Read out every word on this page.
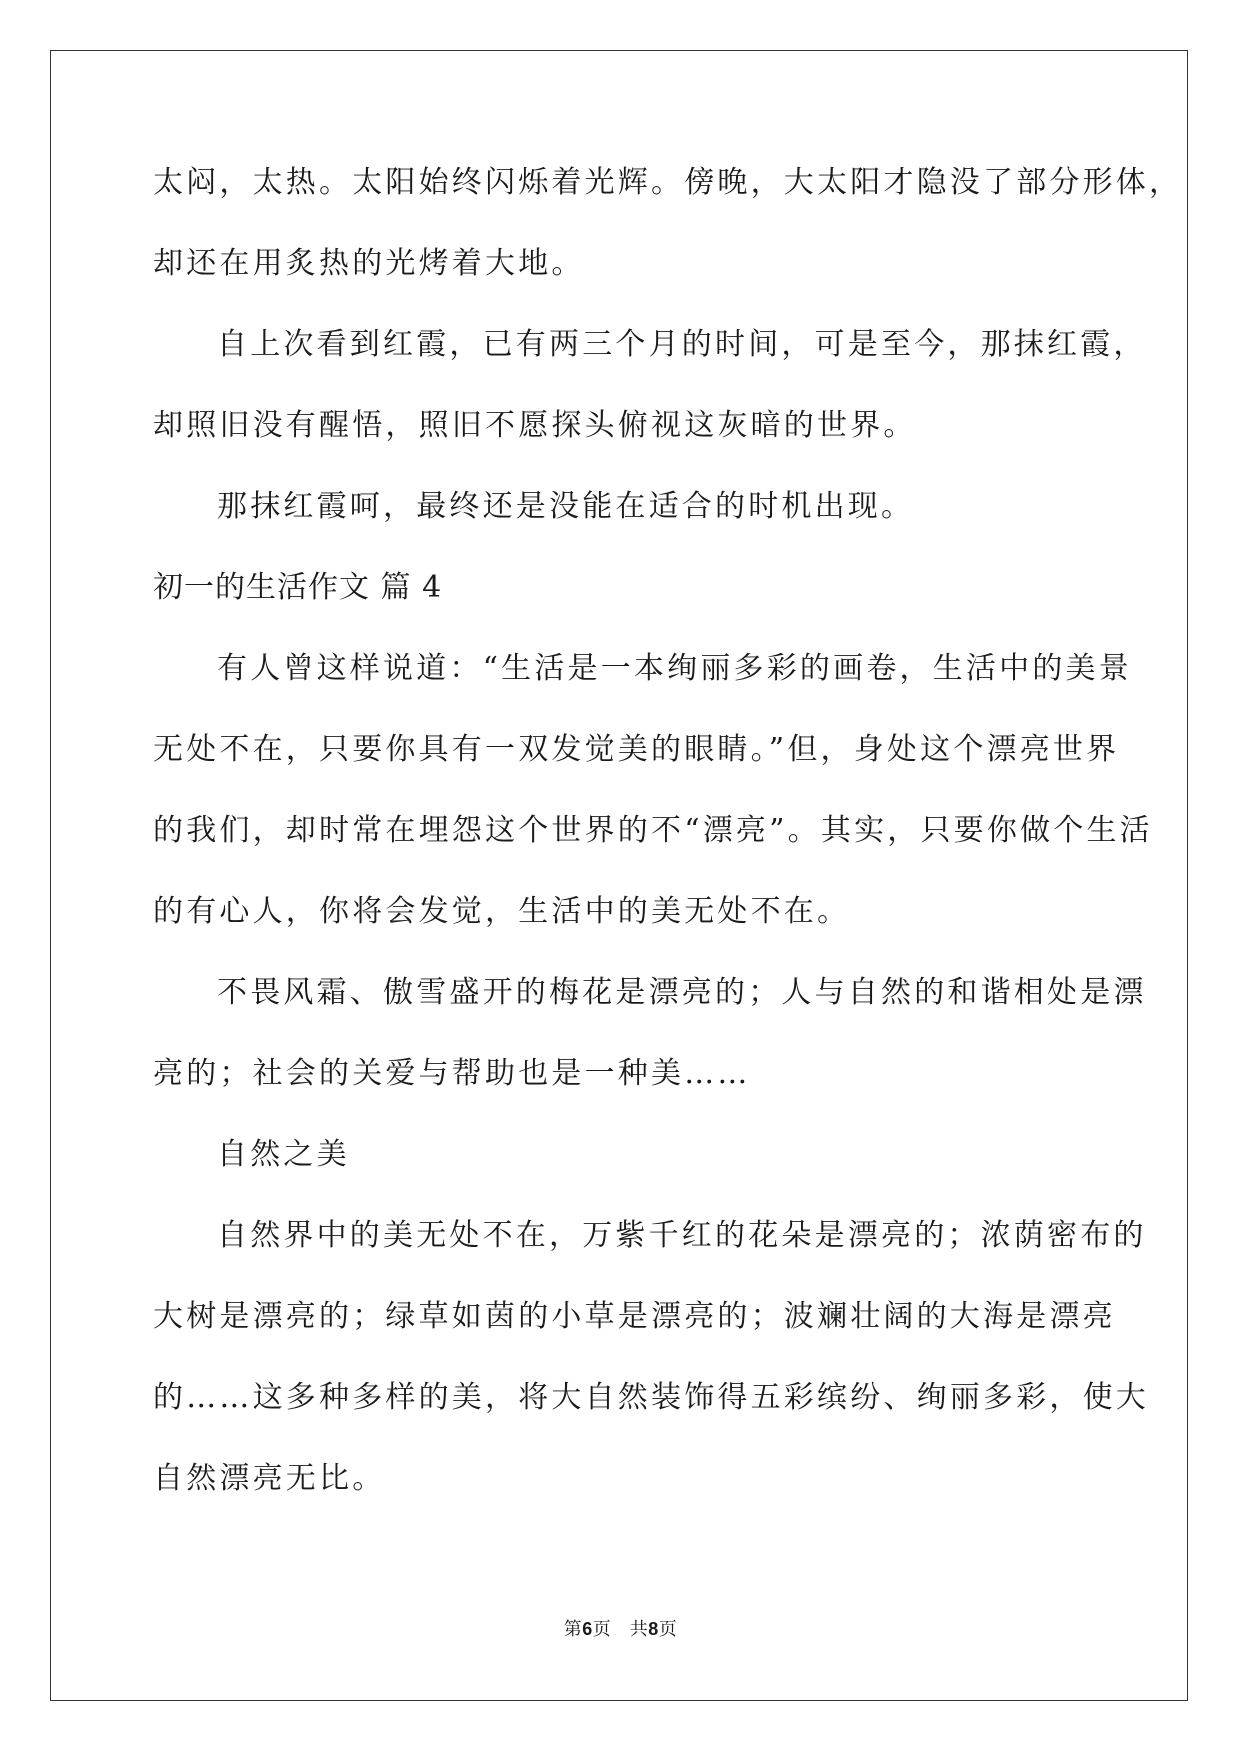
太闷，太热。太阳始终闪烁着光辉。傍晚，大太阳才隐没了部分形体，

却还在用炙热的光烤着大地。

自上次看到红霞，已有两三个月的时间，可是至今，那抹红霞，

却照旧没有醒悟，照旧不愿探头俯视这灰暗的世界。

那抹红霞呵，最终还是没能在适合的时机出现。

初一的生活作文 篇 4

有人曾这样说道：“生活是一本绚丽多彩的画卷，生活中的美景

无处不在，只要你具有一双发觉美的眼睛。”但，身处这个漂亮世界

的我们，却时常在埋怨这个世界的不“漂亮”。其实，只要你做个生活

的有心人，你将会发觉，生活中的美无处不在。

不畏风霜、傲雪盛开的梅花是漂亮的；人与自然的和谐相处是漂

亮的；社会的关爱与帮助也是一种美……

自然之美

自然界中的美无处不在，万紫千红的花朵是漂亮的；浓荫密布的

大树是漂亮的；绿草如茵的小草是漂亮的；波斓壮阔的大海是漂亮

的……这多种多样的美，将大自然装饰得五彩缤纷、绚丽多彩，使大

自然漂亮无比。

第6页　共8页
